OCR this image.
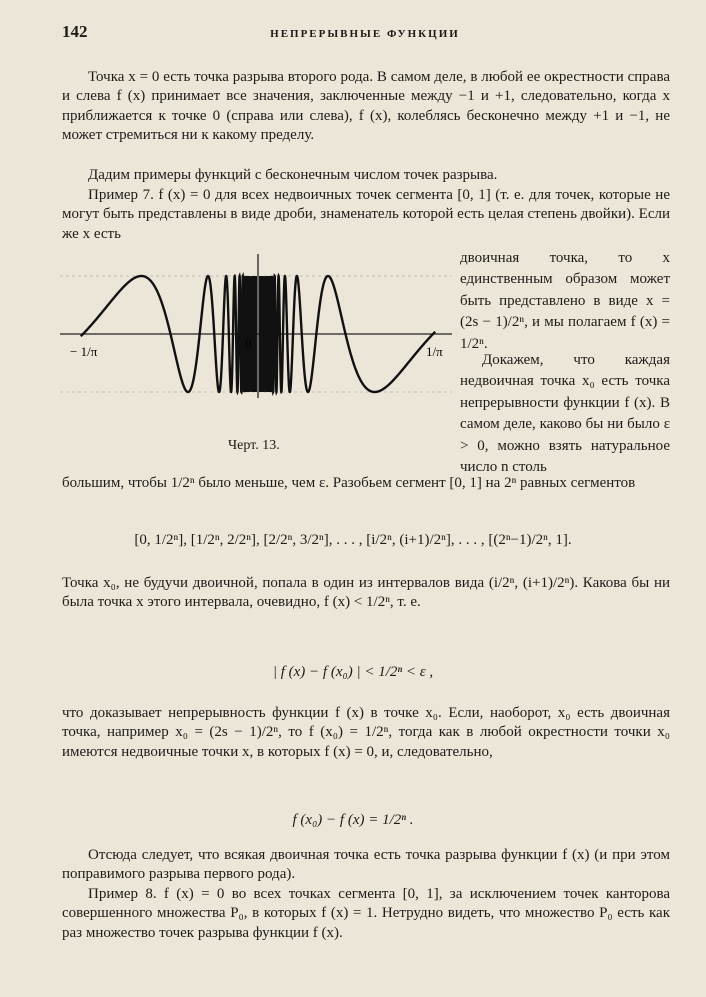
142	НЕПРЕРЫВНЫЕ ФУНКЦИИ

Точка x = 0 есть точка разрыва второго рода. В самом деле, в любой ее окрестности справа и слева f (x) принимает все значения, заключенные между −1 и +1, следовательно, когда x приближается к точке 0 (справа или слева), f (x), колеблясь бесконечно между +1 и −1, не может стремиться ни к какому пределу.

Дадим примеры функций с бесконечным числом точек разрыва.

Пример 7. f (x) = 0 для всех недвоичных точек сегмента [0, 1] (т. е. для точек, которые не могут быть представлены в виде дроби, знаменатель которой есть целая степень двойки). Если же x есть

двоичная точка, то x единственным образом может быть представлено в виде x = (2s − 1)/2ⁿ, и мы полагаем f (x) = 1/2ⁿ.

Докажем, что каждая недвоичная точка x₀ есть точка непрерывности функции f (x). В самом деле, каково бы ни было ε > 0, можно взять натуральное число n столь

− 1/π
0
1/π
Черт. 13.

большим, чтобы 1/2ⁿ было меньше, чем ε. Разобьем сегмент [0, 1] на 2ⁿ равных сегментов

[0, 1/2ⁿ], [1/2ⁿ, 2/2ⁿ], [2/2ⁿ, 3/2ⁿ], . . . , [i/2ⁿ, (i+1)/2ⁿ], . . . , [(2ⁿ−1)/2ⁿ, 1].

Точка x₀, не будучи двоичной, попала в один из интервалов вида (i/2ⁿ, (i+1)/2ⁿ). Какова бы ни была точка x этого интервала, очевидно, f (x) < 1/2ⁿ, т. е.

| f (x) − f (x₀) | < 1/2ⁿ < ε ,

что доказывает непрерывность функции f (x) в точке x₀. Если, наоборот, x₀ есть двоичная точка, например x₀ = (2s − 1)/2ⁿ, то f (x₀) = 1/2ⁿ, тогда как в любой окрестности точки x₀ имеются недвоичные точки x, в которых f (x) = 0, и, следовательно,

f (x₀) − f (x) = 1/2ⁿ .

Отсюда следует, что всякая двоичная точка есть точка разрыва функции f (x) (и при этом поправимого разрыва первого рода).

Пример 8. f (x) = 0 во всех точках сегмента [0, 1], за исключением точек канторова совершенного множества P₀, в которых f (x) = 1. Нетрудно видеть, что множество P₀ есть как раз множество точек разрыва функции f (x).
